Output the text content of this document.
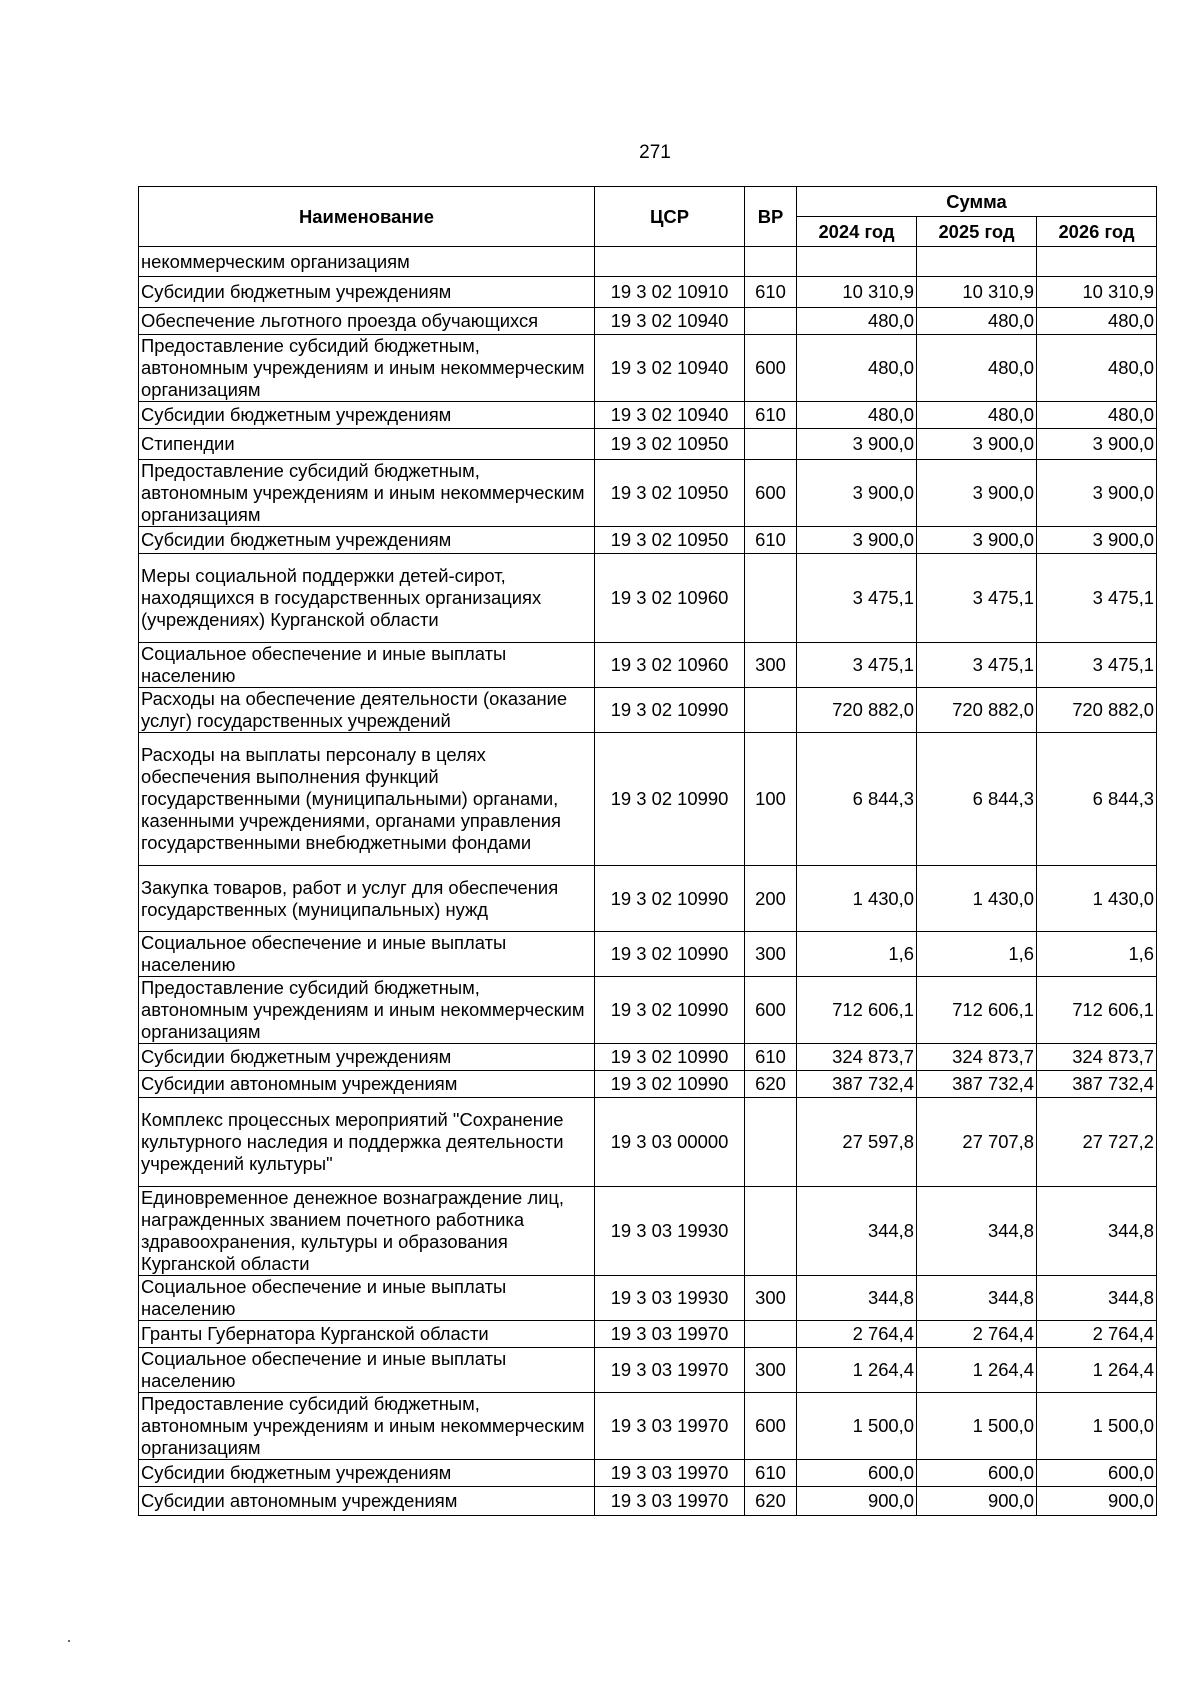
271
Наименование	ЦСР	ВР	Сумма		
			2024 год	2025 год	2026 год
некоммерческим организациям					
Субсидии бюджетным учреждениям	19 3 02 10910	610	10 310,9	10 310,9	10 310,9
Обеспечение льготного проезда обучающихся	19 3 02 10940		480,0	480,0	480,0
Предоставление субсидий бюджетным, автономным учреждениям и иным некоммерческим организациям	19 3 02 10940	600	480,0	480,0	480,0
Субсидии бюджетным учреждениям	19 3 02 10940	610	480,0	480,0	480,0
Стипендии	19 3 02 10950		3 900,0	3 900,0	3 900,0
Предоставление субсидий бюджетным, автономным учреждениям и иным некоммерческим организациям	19 3 02 10950	600	3 900,0	3 900,0	3 900,0
Субсидии бюджетным учреждениям	19 3 02 10950	610	3 900,0	3 900,0	3 900,0
Меры социальной поддержки детей-сирот, находящихся в государственных организациях (учреждениях) Курганской области	19 3 02 10960		3 475,1	3 475,1	3 475,1
Социальное обеспечение и иные выплаты населению	19 3 02 10960	300	3 475,1	3 475,1	3 475,1
Расходы на обеспечение деятельности (оказание услуг) государственных учреждений	19 3 02 10990		720 882,0	720 882,0	720 882,0
Расходы на выплаты персоналу в целях обеспечения выполнения функций государственными (муниципальными) органами, казенными учреждениями, органами управления государственными внебюджетными фондами	19 3 02 10990	100	6 844,3	6 844,3	6 844,3
Закупка товаров, работ и услуг для обеспечения государственных (муниципальных) нужд	19 3 02 10990	200	1 430,0	1 430,0	1 430,0
Социальное обеспечение и иные выплаты населению	19 3 02 10990	300	1,6	1,6	1,6
Предоставление субсидий бюджетным, автономным учреждениям и иным некоммерческим организациям	19 3 02 10990	600	712 606,1	712 606,1	712 606,1
Субсидии бюджетным учреждениям	19 3 02 10990	610	324 873,7	324 873,7	324 873,7
Субсидии автономным учреждениям	19 3 02 10990	620	387 732,4	387 732,4	387 732,4
Комплекс процессных мероприятий "Сохранение культурного наследия и поддержка деятельности учреждений культуры"	19 3 03 00000		27 597,8	27 707,8	27 727,2
Единовременное денежное вознаграждение лиц, награжденных званием почетного работника здравоохранения, культуры и образования Курганской области	19 3 03 19930		344,8	344,8	344,8
Социальное обеспечение и иные выплаты населению	19 3 03 19930	300	344,8	344,8	344,8
Гранты Губернатора Курганской области	19 3 03 19970		2 764,4	2 764,4	2 764,4
Социальное обеспечение и иные выплаты населению	19 3 03 19970	300	1 264,4	1 264,4	1 264,4
Предоставление субсидий бюджетным, автономным учреждениям и иным некоммерческим организациям	19 3 03 19970	600	1 500,0	1 500,0	1 500,0
Субсидии бюджетным учреждениям	19 3 03 19970	610	600,0	600,0	600,0
Субсидии автономным учреждениям	19 3 03 19970	620	900,0	900,0	900,0
